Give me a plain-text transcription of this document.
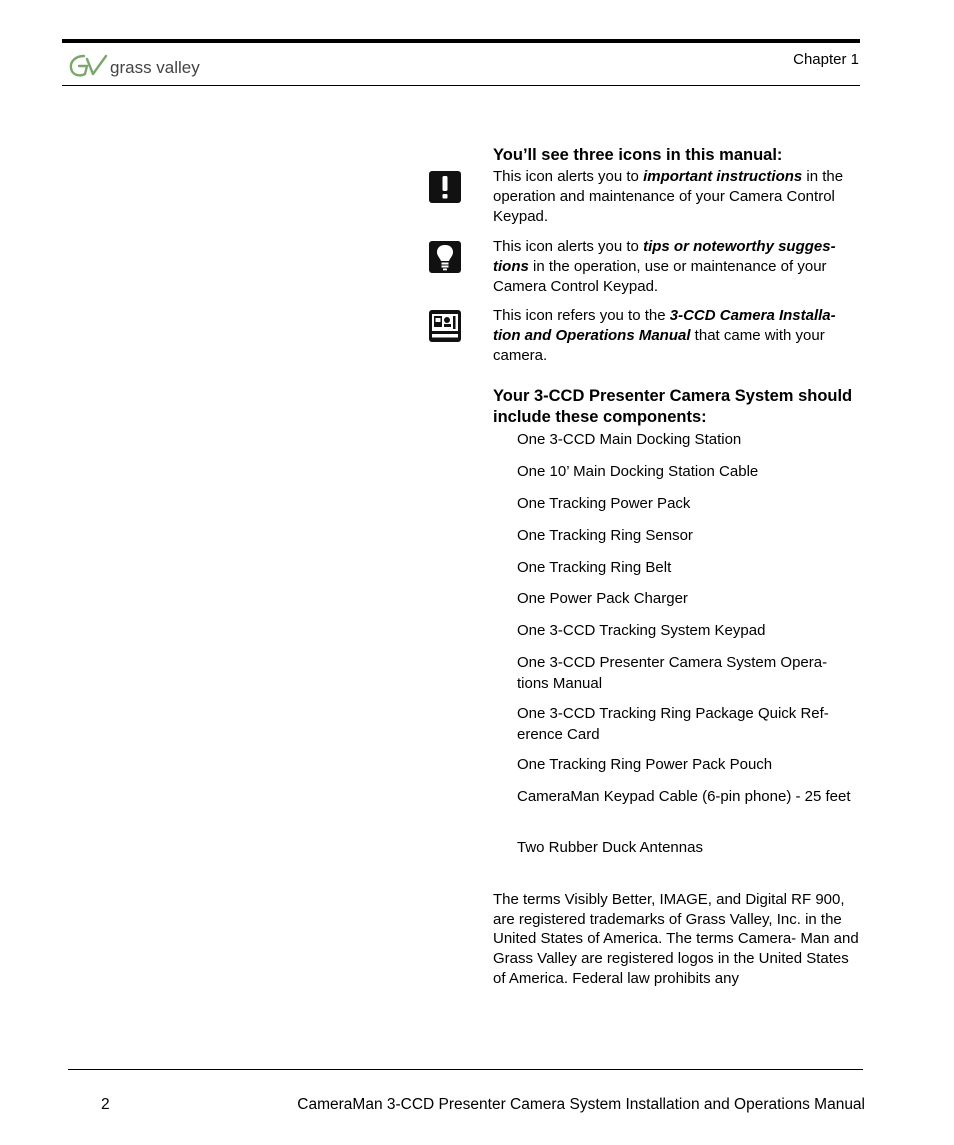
grass valley	Chapter 1
You’ll see three icons in this manual:

This icon alerts you to important instructions in the operation and maintenance of your Camera Control Keypad.

This icon alerts you to tips or noteworthy sugges- tions in the operation, use or maintenance of your Camera Control Keypad.

This icon refers you to the 3-CCD Camera Installa- tion and Operations Manual that came with your camera.

Your 3-CCD Presenter Camera System should include these components:
One 3-CCD Main Docking Station
One 10’ Main Docking Station Cable
One Tracking Power Pack
One Tracking Ring Sensor
One Tracking Ring Belt
One Power Pack Charger
One 3-CCD Tracking System Keypad
One 3-CCD Presenter Camera System Opera- tions Manual
One 3-CCD Tracking Ring Package Quick Ref- erence Card
One Tracking Ring Power Pack Pouch
CameraMan Keypad Cable (6-pin phone) - 25 feet
Two Rubber Duck Antennas
The terms Visibly Better, IMAGE, and Digital RF 900, are registered trademarks of Grass Valley, Inc. in the United States of America. The terms Camera- Man and Grass Valley are registered logos in the United States of America. Federal law prohibits any
2	CameraMan 3-CCD Presenter Camera System Installation and Operations Manual
